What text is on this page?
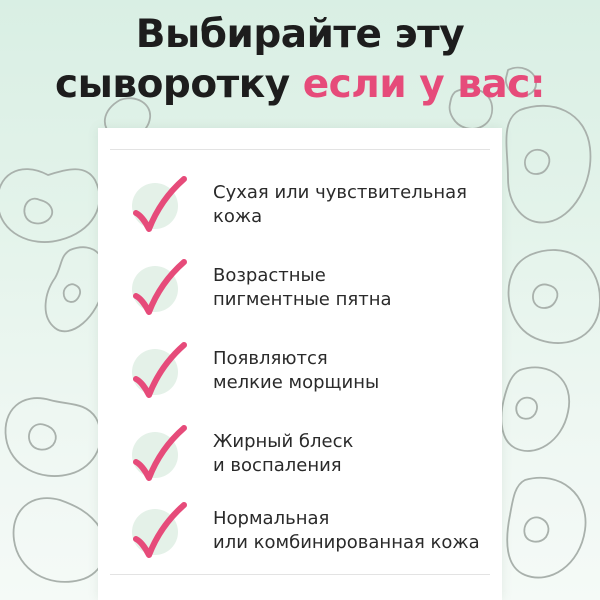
Выбирайте эту
сыворотку если у вас:
Сухая или чувствительная
кожа
Возрастные
пигментные пятна
Появляются
мелкие морщины
Жирный блеск
и воспаления
Нормальная
или комбинированная кожа
